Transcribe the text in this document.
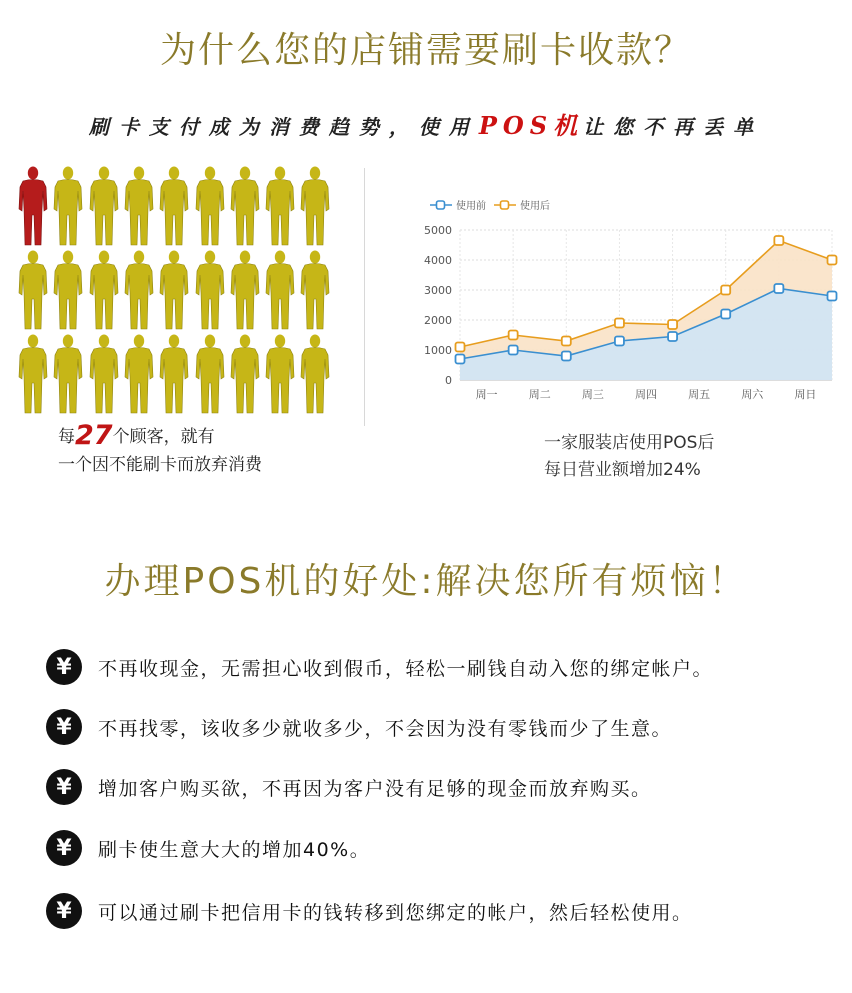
为什么您的店铺需要刷卡收款？
刷卡支付成为消费趋势，使用POS机让您不再丢单
每27个顾客，就有
一个因不能刷卡而放弃消费
5000
4000
3000
2000
1000
0
周一	周二	周三	周四	周五	周六	周日
使用前	使用后
一家服装店使用POS后
每日营业额增加24%
办理POS机的好处:解决您所有烦恼！
¥	不再收现金，无需担心收到假币，轻松一刷钱自动入您的绑定帐户。
¥	不再找零，该收多少就收多少，不会因为没有零钱而少了生意。
¥	增加客户购买欲，不再因为客户没有足够的现金而放弃购买。
¥	刷卡使生意大大的增加40%。
¥	可以通过刷卡把信用卡的钱转移到您绑定的帐户，然后轻松使用。
